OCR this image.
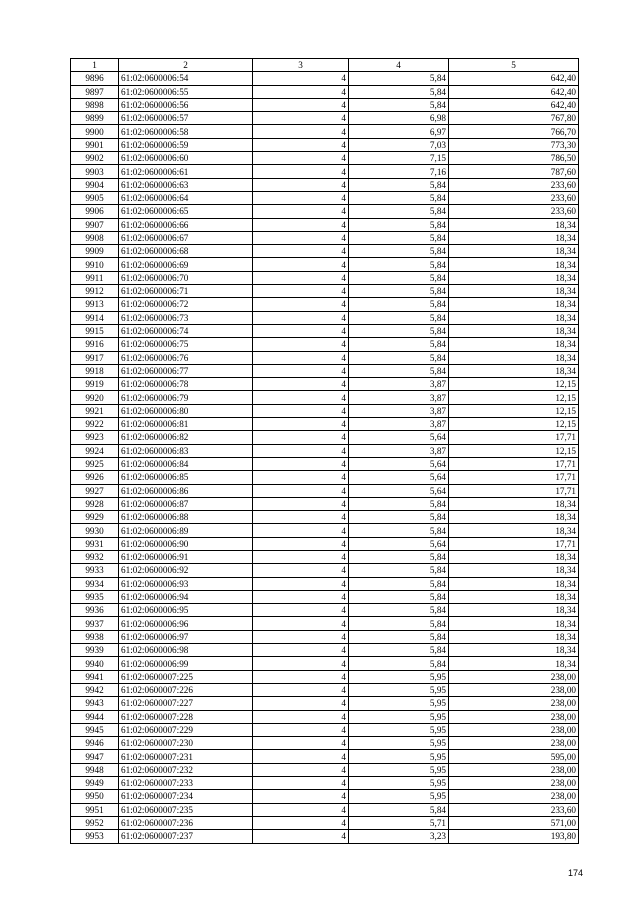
1	2	3	4	5
9896	61:02:0600006:54	4	5,84	642,40
9897	61:02:0600006:55	4	5,84	642,40
9898	61:02:0600006:56	4	5,84	642,40
9899	61:02:0600006:57	4	6,98	767,80
9900	61:02:0600006:58	4	6,97	766,70
9901	61:02:0600006:59	4	7,03	773,30
9902	61:02:0600006:60	4	7,15	786,50
9903	61:02:0600006:61	4	7,16	787,60
9904	61:02:0600006:63	4	5,84	233,60
9905	61:02:0600006:64	4	5,84	233,60
9906	61:02:0600006:65	4	5,84	233,60
9907	61:02:0600006:66	4	5,84	18,34
9908	61:02:0600006:67	4	5,84	18,34
9909	61:02:0600006:68	4	5,84	18,34
9910	61:02:0600006:69	4	5,84	18,34
9911	61:02:0600006:70	4	5,84	18,34
9912	61:02:0600006:71	4	5,84	18,34
9913	61:02:0600006:72	4	5,84	18,34
9914	61:02:0600006:73	4	5,84	18,34
9915	61:02:0600006:74	4	5,84	18,34
9916	61:02:0600006:75	4	5,84	18,34
9917	61:02:0600006:76	4	5,84	18,34
9918	61:02:0600006:77	4	5,84	18,34
9919	61:02:0600006:78	4	3,87	12,15
9920	61:02:0600006:79	4	3,87	12,15
9921	61:02:0600006:80	4	3,87	12,15
9922	61:02:0600006:81	4	3,87	12,15
9923	61:02:0600006:82	4	5,64	17,71
9924	61:02:0600006:83	4	3,87	12,15
9925	61:02:0600006:84	4	5,64	17,71
9926	61:02:0600006:85	4	5,64	17,71
9927	61:02:0600006:86	4	5,64	17,71
9928	61:02:0600006:87	4	5,84	18,34
9929	61:02:0600006:88	4	5,84	18,34
9930	61:02:0600006:89	4	5,84	18,34
9931	61:02:0600006:90	4	5,64	17,71
9932	61:02:0600006:91	4	5,84	18,34
9933	61:02:0600006:92	4	5,84	18,34
9934	61:02:0600006:93	4	5,84	18,34
9935	61:02:0600006:94	4	5,84	18,34
9936	61:02:0600006:95	4	5,84	18,34
9937	61:02:0600006:96	4	5,84	18,34
9938	61:02:0600006:97	4	5,84	18,34
9939	61:02:0600006:98	4	5,84	18,34
9940	61:02:0600006:99	4	5,84	18,34
9941	61:02:0600007:225	4	5,95	238,00
9942	61:02:0600007:226	4	5,95	238,00
9943	61:02:0600007:227	4	5,95	238,00
9944	61:02:0600007:228	4	5,95	238,00
9945	61:02:0600007:229	4	5,95	238,00
9946	61:02:0600007:230	4	5,95	238,00
9947	61:02:0600007:231	4	5,95	595,00
9948	61:02:0600007:232	4	5,95	238,00
9949	61:02:0600007:233	4	5,95	238,00
9950	61:02:0600007:234	4	5,95	238,00
9951	61:02:0600007:235	4	5,84	233,60
9952	61:02:0600007:236	4	5,71	571,00
9953	61:02:0600007:237	4	3,23	193,80
174
